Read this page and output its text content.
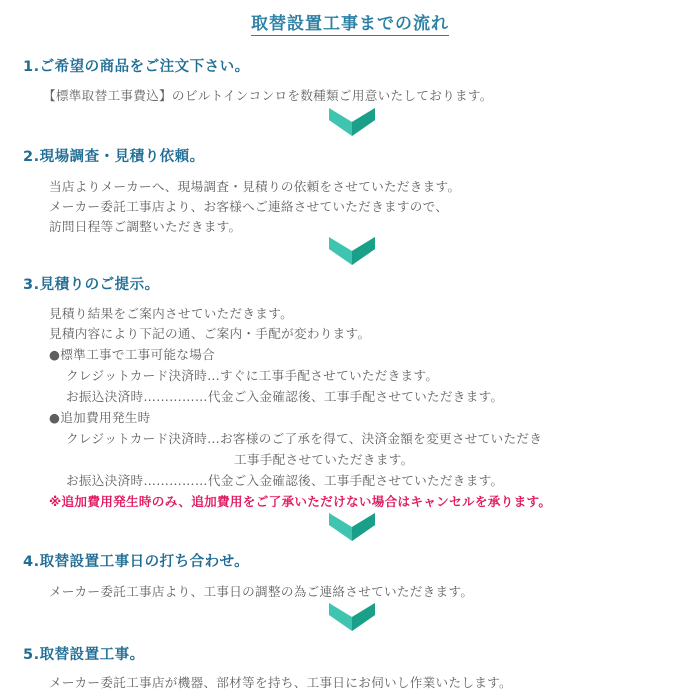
取替設置工事までの流れ
1.ご希望の商品をご注文下さい。
【標準取替工事費込】のビルトインコンロを数種類ご用意いたしております。
2.現場調査・見積り依頼。
当店よりメーカーへ、現場調査・見積りの依頼をさせていただきます。
メーカー委託工事店より、お客様へご連絡させていただきますので、
訪問日程等ご調整いただきます。
3.見積りのご提示。
見積り結果をご案内させていただきます。
見積内容により下記の通、ご案内・手配が変わります。
●標準工事で工事可能な場合
クレジットカード決済時…すぐに工事手配させていただきます。
お振込決済時……………代金ご入金確認後、工事手配させていただきます。
●追加費用発生時
クレジットカード決済時…お客様のご了承を得て、決済金額を変更させていただき
工事手配させていただきます。
お振込決済時……………代金ご入金確認後、工事手配させていただきます。
※追加費用発生時のみ、追加費用をご了承いただけない場合はキャンセルを承ります。
4.取替設置工事日の打ち合わせ。
メーカー委託工事店より、工事日の調整の為ご連絡させていただきます。
5.取替設置工事。
メーカー委託工事店が機器、部材等を持ち、工事日にお伺いし作業いたします。
